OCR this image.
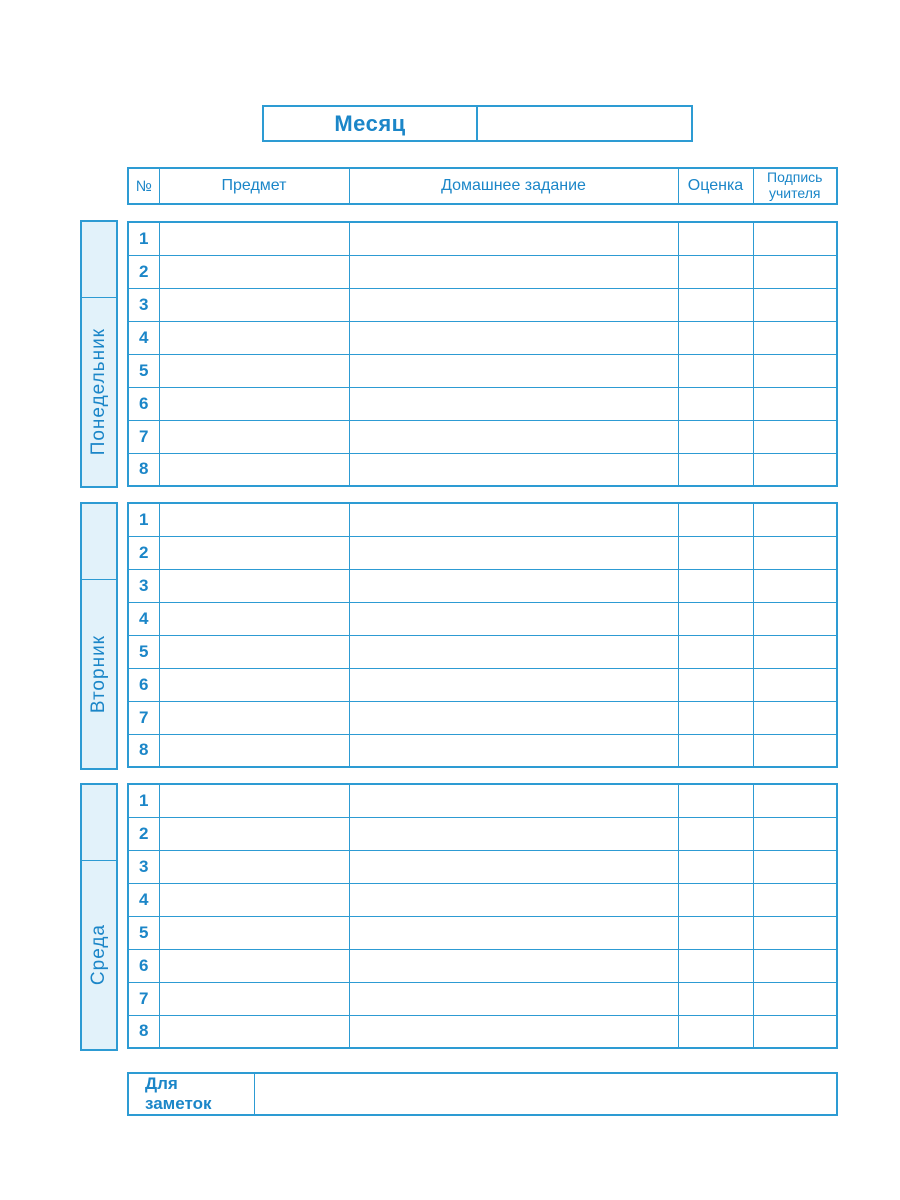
Месяц
№	Предмет	Домашнее задание	Оценка	Подпись учителя
Понедельник
1				
2				
3				
4				
5				
6				
7				
8				
Вторник
1				
2				
3				
4				
5				
6				
7				
8				
Среда
1				
2				
3				
4				
5				
6				
7				
8				
Для заметок	
